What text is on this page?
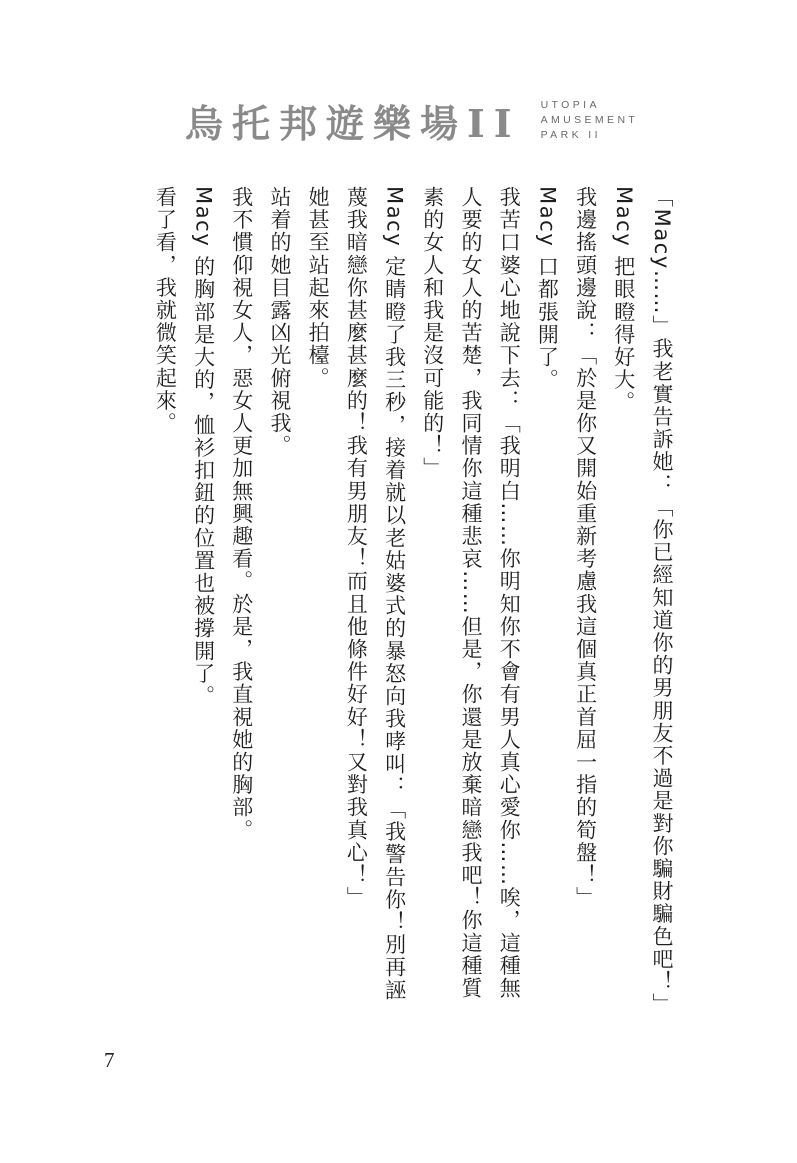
烏托邦遊樂場II UTOPIA
AMUSEMENT
PARK II

「Macy……」我老實告訴她：「你已經知道你的男朋友不過是對你騙財騙色吧！」

Macy 把眼瞪得好大。

我邊搖頭邊說：「於是你又開始重新考慮我這個真正首屈一指的筍盤！」

Macy 口都張開了。

我苦口婆心地說下去：「我明白……你明知你不會有男人真心愛你……唉，這種無人要的女人的苦楚，我同情你這種悲哀……但是，你還是放棄暗戀我吧！你這種質素的女人和我是沒可能的！」

Macy 定睛瞪了我三秒，接着就以老姑婆式的暴怒向我哮叫：「我警告你！別再誣蔑我暗戀你甚麼甚麼的！我有男朋友！而且他條件好好！又對我真心！」

她甚至站起來拍檯。

站着的她目露凶光俯視我。

我不慣仰視女人，惡女人更加無興趣看。於是，我直視她的胸部。

Macy 的胸部是大的，恤衫扣鈕的位置也被撐開了。

看了看，我就微笑起來。

7
